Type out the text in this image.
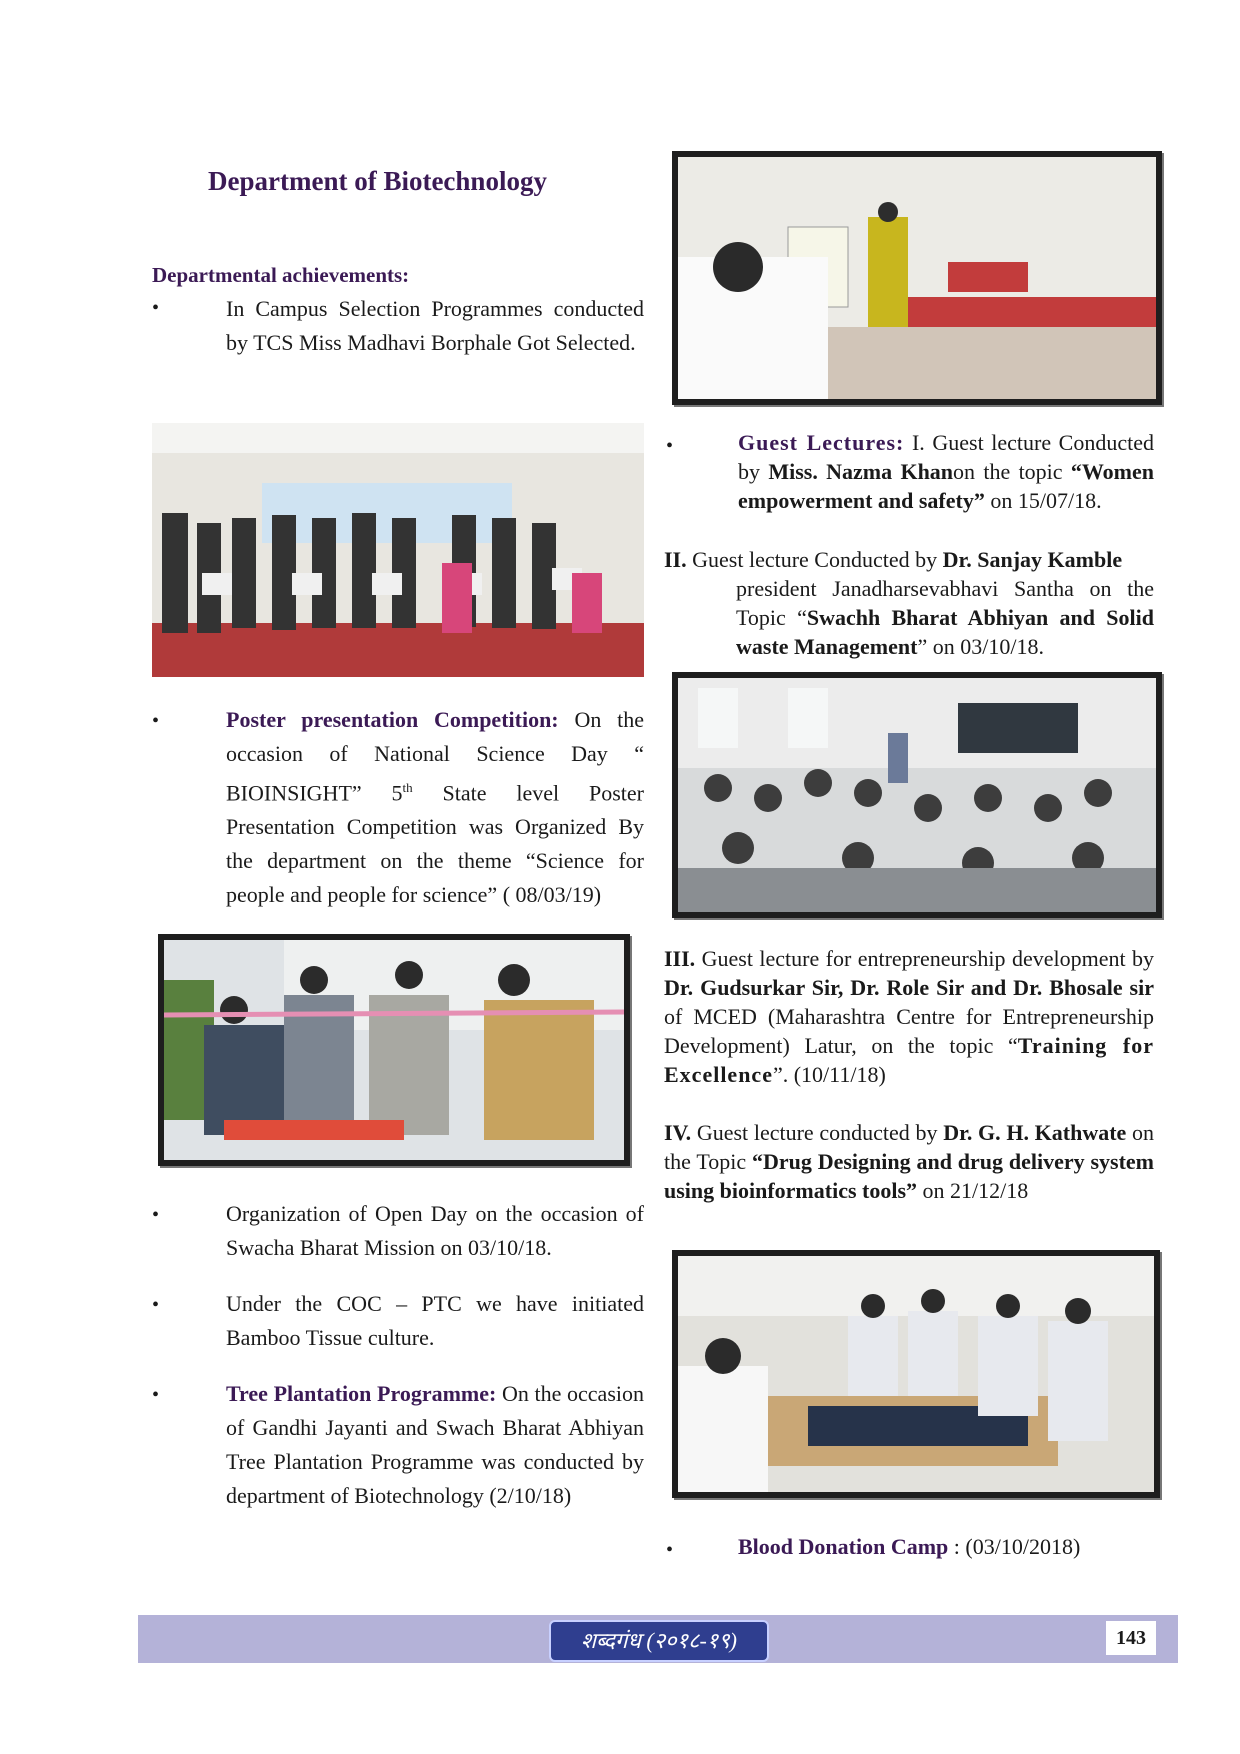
Department of Biotechnology
Departmental achievements:
•	In Campus Selection Programmes conducted by TCS Miss Madhavi Borphale Got Selected.
•	Poster presentation Competition: On the occasion of National Science Day “ BIOINSIGHT” 5th State level Poster Presentation Competition was Organized By the department on the theme “Science for people and people for science” ( 08/03/19)
•	Organization of Open Day on the occasion of Swacha Bharat Mission on 03/10/18.
•	Under the COC – PTC we have initiated Bamboo Tissue culture.
•	Tree Plantation Programme: On the occasion of Gandhi Jayanti and Swach Bharat Abhiyan Tree Plantation Programme was conducted by department of Biotechnology (2/10/18)
•	Guest Lectures: I. Guest lecture Conducted by Miss. Nazma Khanon the topic “Women empowerment and safety” on 15/07/18.
II. Guest lecture Conducted by Dr. Sanjay Kamble
president Janadharsevabhavi Santha on the Topic “Swachh Bharat Abhiyan and Solid waste Management” on 03/10/18.
III. Guest lecture for entrepreneurship development by Dr. Gudsurkar Sir, Dr. Role Sir and Dr. Bhosale sir of MCED (Maharashtra Centre for Entrepreneurship Development) Latur, on the topic “Training for Excellence”. (10/11/18)
IV. Guest lecture conducted by Dr. G. H. Kathwate on the Topic “Drug Designing and drug delivery system using bioinformatics tools” on 21/12/18
•	Blood Donation Camp : (03/10/2018)
शब्दगंध (२०१८-१९)	143
